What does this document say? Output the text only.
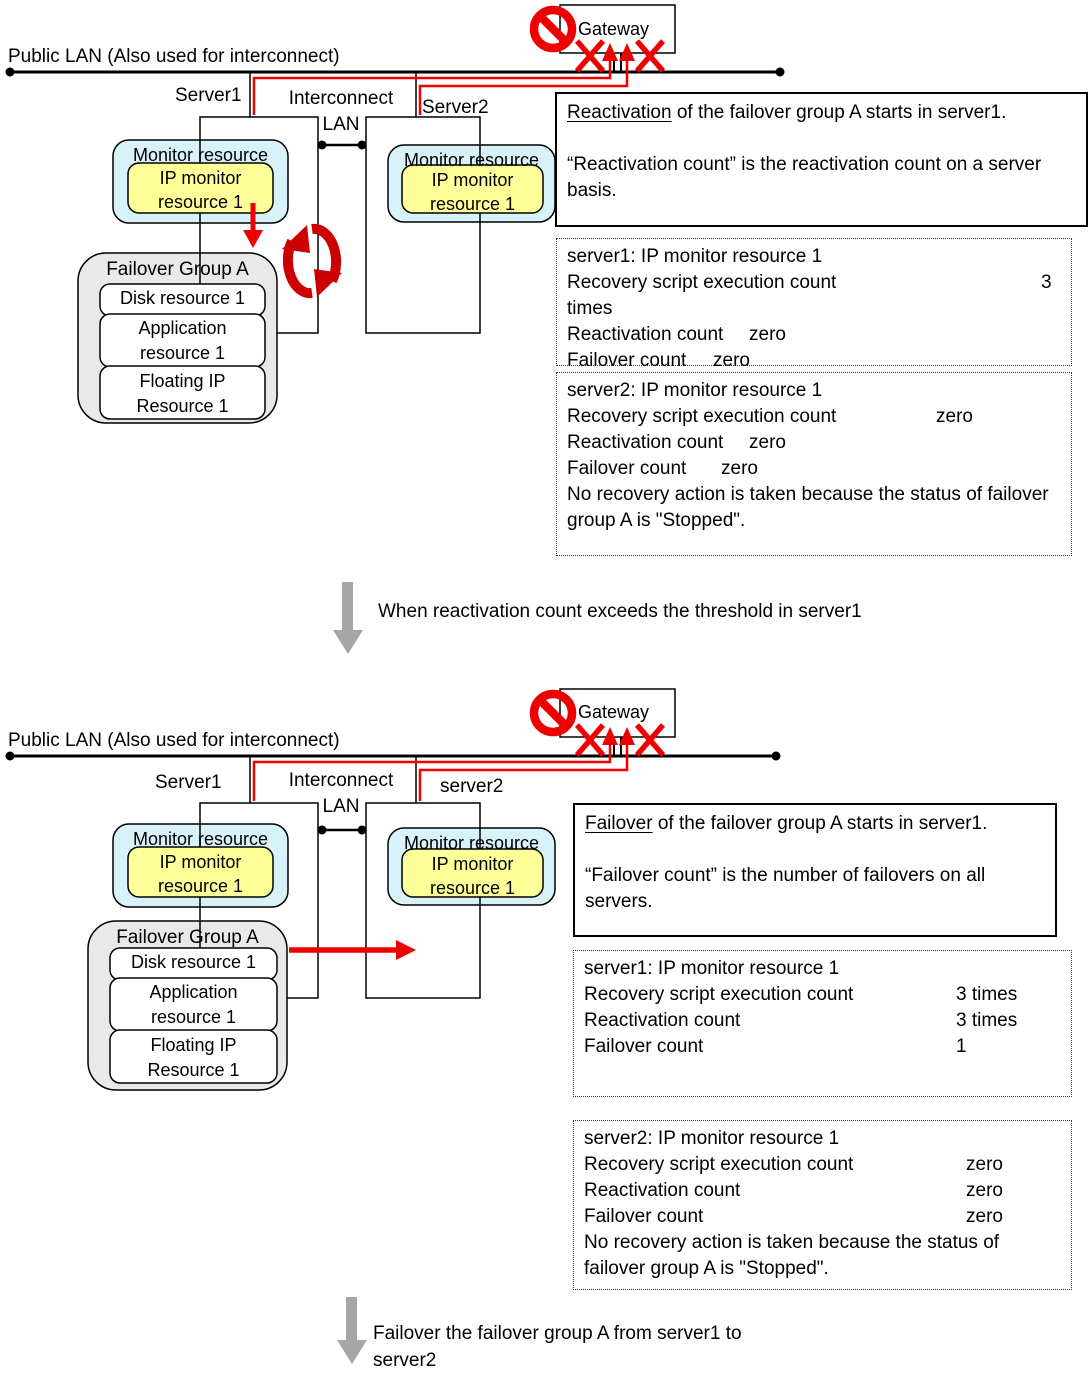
Public LAN (Also used for interconnect)
Gateway
Server1	Interconnect
LAN
Server2
Monitor resource
IP monitor
resource 1
Monitor resource
IP monitor
resource 1
Failover Group A
Disk resource 1
Application
resource 1
Floating IP
Resource 1
Reactivation of the failover group A starts in server1.
“Reactivation count” is the reactivation count on a server basis.
server1: IP monitor resource 1
Recovery script execution count	3
times
Reactivation count zero
Failover count zero
server2: IP monitor resource 1
Recovery script execution count	zero
Reactivation count zero
Failover count zero
No recovery action is taken because the status of failover group A is "Stopped".
When reactivation count exceeds the threshold in server1
Public LAN (Also used for interconnect)
Gateway
Server1	Interconnect
LAN
server2
Monitor resource
IP monitor
resource 1
Monitor resource
IP monitor
resource 1
Failover Group A
Disk resource 1
Application
resource 1
Floating IP
Resource 1
Failover of the failover group A starts in server1.
“Failover count” is the number of failovers on all servers.
server1: IP monitor resource 1
Recovery script execution count	3 times
Reactivation count	3 times
Failover count	1
server2: IP monitor resource 1
Recovery script execution count	zero
Reactivation count	zero
Failover count	zero
No recovery action is taken because the status of failover group A is "Stopped".
Failover the failover group A from server1 to server2
